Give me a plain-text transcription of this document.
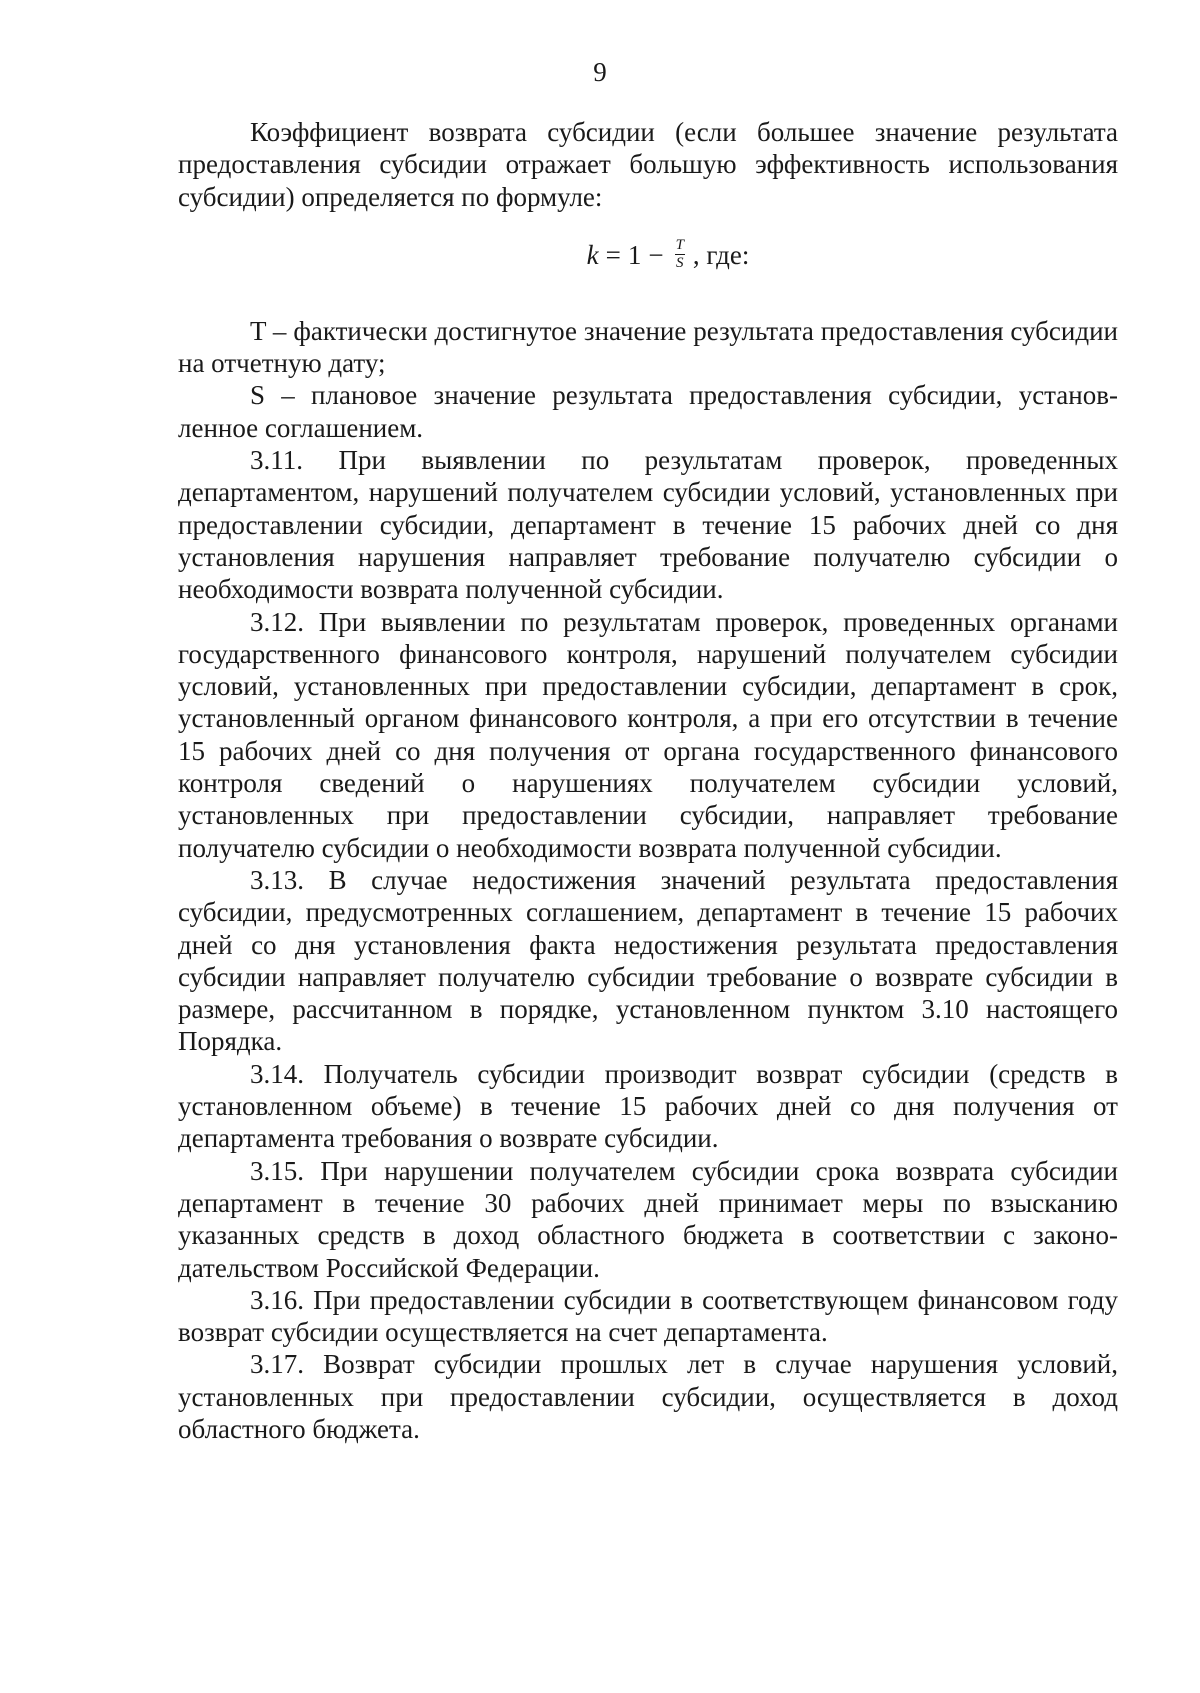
9

Коэффициент возврата субсидии (если большее значение результата предоставления субсидии отражает большую эффективность использования субсидии) определяется по формуле:

$k = 1 - \frac{T}{S}$ , где:

T – фактически достигнутое значение результата предоставления субсидии на отчетную дату;

S – плановое значение результата предоставления субсидии, установленное соглашением.

3.11. При выявлении по результатам проверок, проведенных департаментом, нарушений получателем субсидии условий, установленных при предоставлении субсидии, департамент в течение 15 рабочих дней со дня установления нарушения направляет требование получателю субсидии о необходимости возврата полученной субсидии.

3.12. При выявлении по результатам проверок, проведенных органами государственного финансового контроля, нарушений получателем субсидии условий, установленных при предоставлении субсидии, департамент в срок, установленный органом финансового контроля, а при его отсутствии в течение 15 рабочих дней со дня получения от органа государственного финансового контроля сведений о нарушениях получателем субсидии условий, установленных при предоставлении субсидии, направляет требование получателю субсидии о необходимости возврата полученной субсидии.

3.13. В случае недостижения значений результата предоставления субсидии, предусмотренных соглашением, департамент в течение 15 рабочих дней со дня установления факта недостижения результата предоставления субсидии направляет получателю субсидии требование о возврате субсидии в размере, рассчитанном в порядке, установленном пунктом 3.10 настоящего Порядка.

3.14. Получатель субсидии производит возврат субсидии (средств в установленном объеме) в течение 15 рабочих дней со дня получения от департамента требования о возврате субсидии.

3.15. При нарушении получателем субсидии срока возврата субсидии департамент в течение 30 рабочих дней принимает меры по взысканию указанных средств в доход областного бюджета в соответствии с законодательством Российской Федерации.

3.16. При предоставлении субсидии в соответствующем финансовом году возврат субсидии осуществляется на счет департамента.

3.17. Возврат субсидии прошлых лет в случае нарушения условий, установленных при предоставлении субсидии, осуществляется в доход областного бюджета.
